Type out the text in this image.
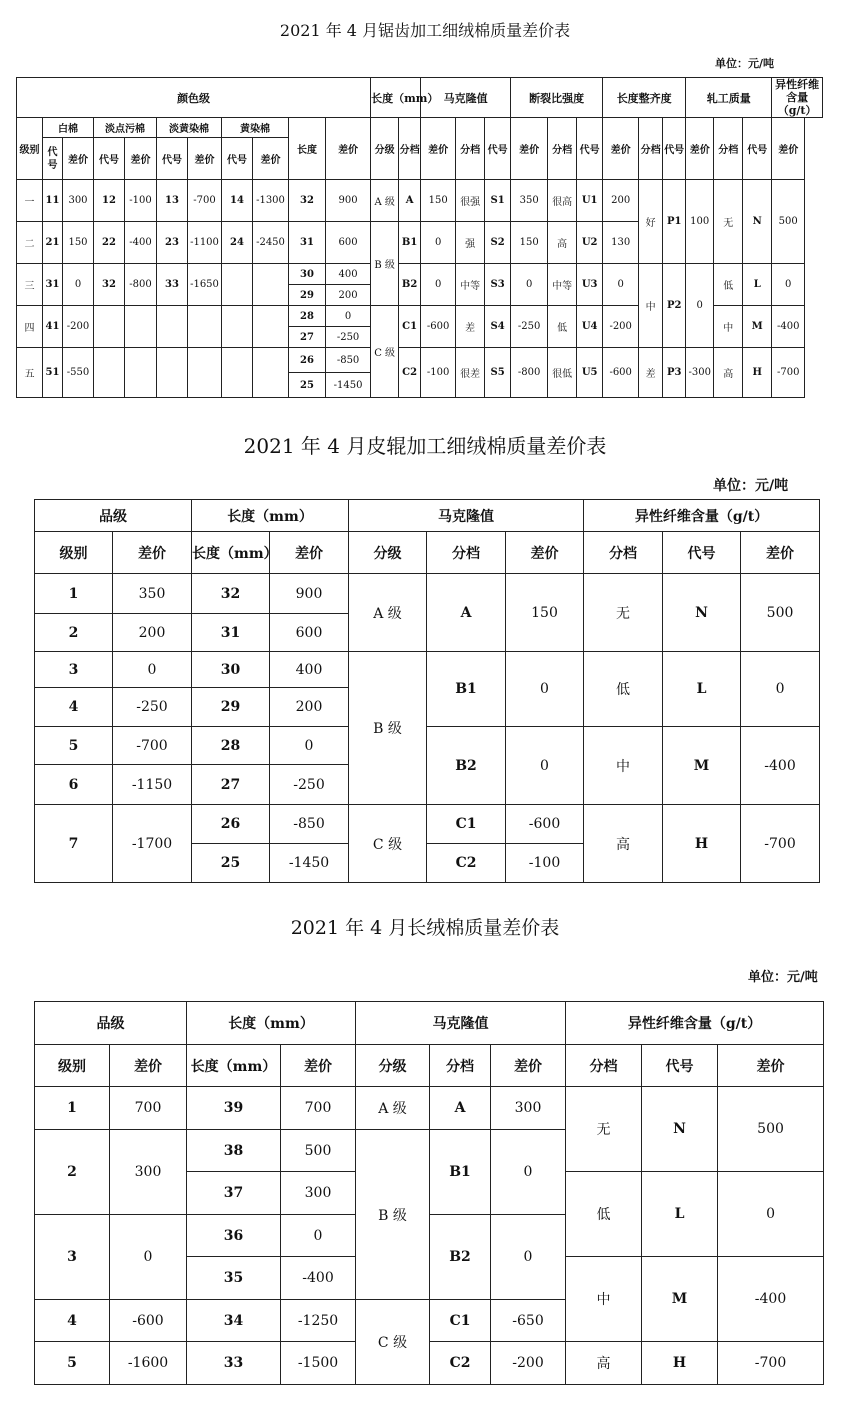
2021 年 4 月锯齿加工细绒棉质量差价表
单位：元/吨
颜色级											长度（mm）		马克隆值			断裂比强度			长度整齐度			轧工质量			异性纤维含量（g/t）
级别	白棉		淡点污棉		淡黄染棉		黄染棉		长度	差价	分级	分档	差价	分档	代号	差价	分档	代号	差价	分档	代号	差价	分档	代号	差价
	代号	差价	代号	差价	代号	差价	代号	差价																	
一	11	300	12	-100	13	-700	14	-1300	32	900	A 级	A	150	很强	S1	350	很高	U1	200	好	P1	100	无	N	500
二	21	150	22	-400	23	-1100	24	-2450	31	600	B 级	B1	0	强	S2	150	高	U2	130						
三	31	0	32	-800	33	-1650			30	400		B2	0	中等	S3	0	中等	U3	0	中	P2	0	低	L	0
									29	200															
四	41	-200							28	0	C 级	C1	-600	差	S4	-250	低	U4	-200				中	M	-400
									27	-250															
五	51	-550							26	-850		C2	-100	很差	S5	-800	很低	U5	-600	差	P3	-300	高	H	-700
									25	-1450															
2021 年 4 月皮辊加工细绒棉质量差价表
单位：元/吨
品级		长度（mm）		马克隆值			异性纤维含量（g/t）		
级别	差价	长度（mm）	差价	分级	分档	差价	分档	代号	差价
1	350	32	900	A 级	A	150	无	N	500
2	200	31	600						
3	0	30	400	B 级	B1	0	低	L	0
4	-250	29	200						
5	-700	28	0		B2	0	中	M	-400
6	-1150	27	-250						
7	-1700	26	-850	C 级	C1	-600	高	H	-700
		25	-1450		C2	-100			
2021 年 4 月长绒棉质量差价表
单位：元/吨
品级		长度（mm）		马克隆值			异性纤维含量（g/t）		
级别	差价	长度（mm）	差价	分级	分档	差价	分档	代号	差价
1	700	39	700	A 级	A	300	无	N	500
2	300	38	500	B 级	B1	0			
		37	300				低	L	0
3	0	36	0		B2	0			
		35	-400				中	M	-400
4	-600	34	-1250	C 级	C1	-650			
5	-1600	33	-1500		C2	-200	高	H	-700
